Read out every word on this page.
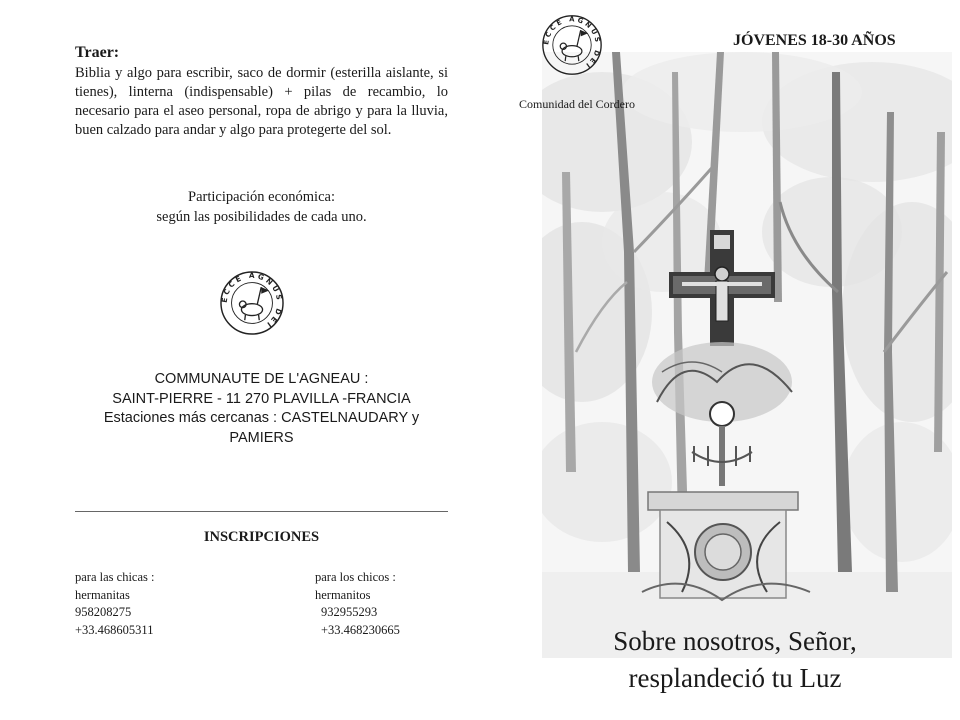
Traer:
Biblia y algo para escribir, saco de dormir (esterilla aislante, si tienes), linterna (indispensable) + pilas de recambio, lo necesario para el aseo personal, ropa de abrigo y para la lluvia, buen calzado para andar y algo para protegerte del sol.
Participación económica:
según las posibilidades de cada uno.
ECCE AGNUS DEI
COMMUNAUTE DE L'AGNEAU :
SAINT-PIERRE - 11 270 PLAVILLA -FRANCIA
Estaciones más cercanas : CASTELNAUDARY y
PAMIERS
INSCRIPCIONES
para las chicas :
hermanitas
958208275
+33.468605311
para los chicos :
hermanitos
932955293
+33.468230665
ECCE AGNUS DEI
Comunidad del Cordero
JÓVENES 18-30 AÑOS
Sobre nosotros, Señor,
resplandeció tu Luz
